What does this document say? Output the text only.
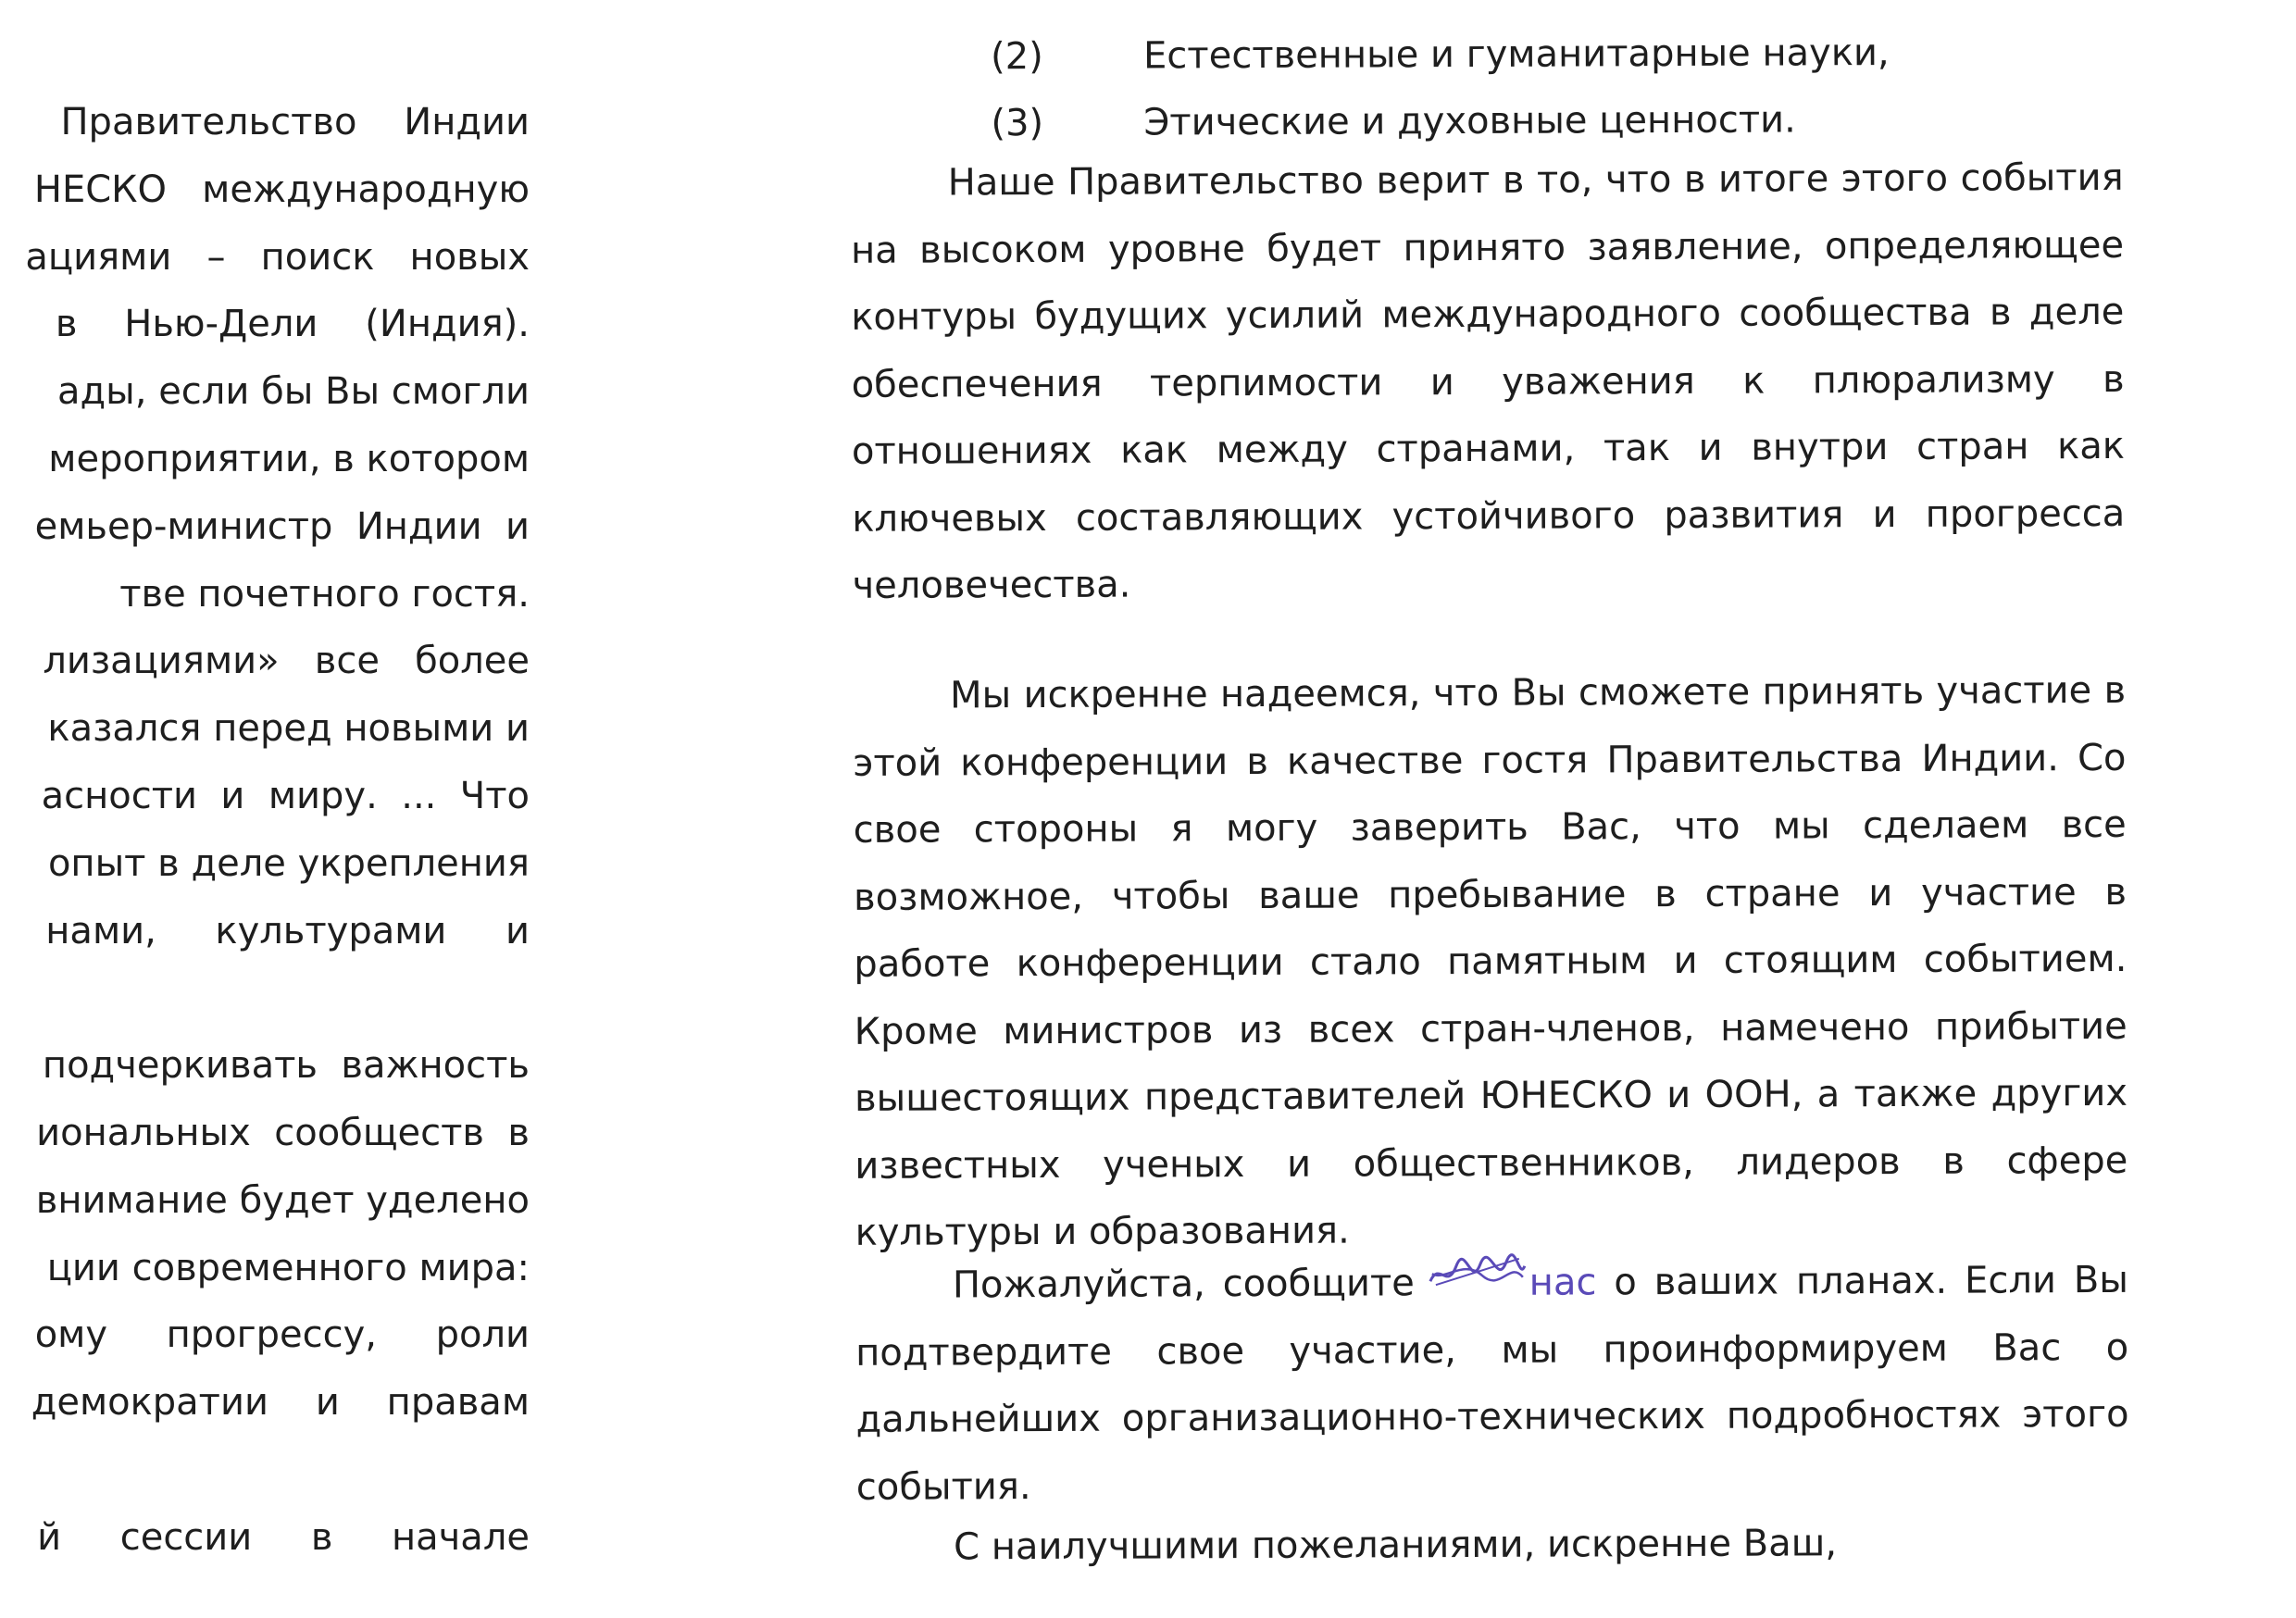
Правительство    Индии
НЕСКО   международную
ациями   –   поиск   новых
в    Нью-Дели    (Индия).
ады, если бы Вы смогли
мероприятии, в котором
емьер-министр  Индии  и
тве почетного гостя.
лизациями»   все   более
казался перед новыми и
асности  и  миру.  ...  Что
опыт в деле укрепления
нами,     культурами     и
подчеркивать  важность
иональных  сообществ  в
внимание будет уделено
ции современного мира:
ому     прогрессу,     роли
демократии    и    правам
й     сессии     в     начале
(2)	Естественные и гуманитарные науки,
(3)	Этические и духовные ценности.

Наше Правительство верит в то, что в итоге этого события на высоком уровне будет принято заявление, определяющее контуры будущих усилий международного сообщества в деле обеспечения терпимости и уважения к плюрализму в отношениях как между странами, так и внутри стран как ключевых составляющих устойчивого развития и прогресса человечества.

Мы искренне надеемся, что Вы сможете принять участие в этой конференции в качестве гостя Правительства Индии. Со свое стороны я могу заверить Вас, что мы сделаем все возможное, чтобы ваше пребывание в стране и участие в работе конференции стало памятным и стоящим событием. Кроме министров из всех стран-членов, намечено прибытие вышестоящих представителей ЮНЕСКО и ООН, а также других известных ученых и общественников, лидеров в сфере культуры и образования.

Пожалуйста, сообщите	нас о ваших планах. Если Вы подтвердите свое участие, мы проинформируем Вас о дальнейших организационно-технических подробностях этого события.

С наилучшими пожеланиями, искренне Ваш,
